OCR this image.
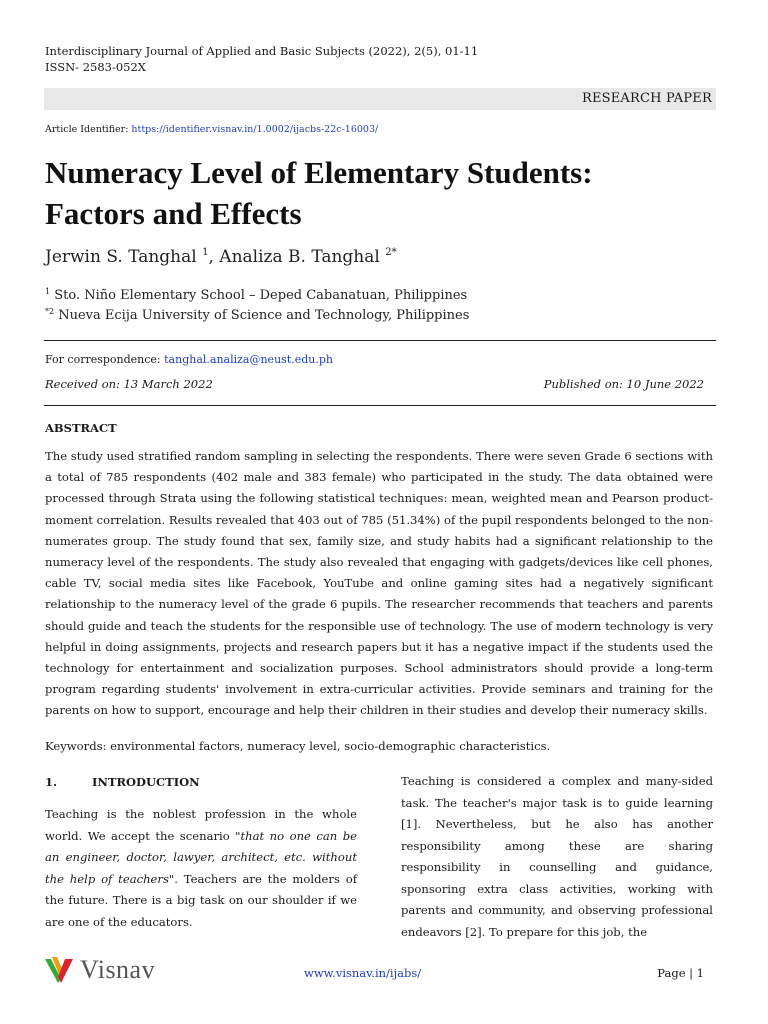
Interdisciplinary Journal of Applied and Basic Subjects (2022), 2(5), 01-11
ISSN- 2583-052X
RESEARCH PAPER
Article Identifier: https://identifier.visnav.in/1.0002/ijacbs-22c-16003/
Numeracy Level of Elementary Students:
Factors and Effects
Jerwin S. Tanghal $^1$, Analiza B. Tanghal $^{2*}$
$^1$ Sto. Niño Elementary School – Deped Cabanatuan, Philippines
$^{*2}$ Nueva Ecija University of Science and Technology, Philippines
For correspondence: tanghal.analiza@neust.edu.ph
Received on: 13 March 2022	Published on: 10 June 2022
ABSTRACT
The study used stratified random sampling in selecting the respondents. There were seven Grade 6 sections with a total of 785 respondents (402 male and 383 female) who participated in the study. The data obtained were processed through Strata using the following statistical techniques: mean, weighted mean and Pearson product-moment correlation. Results revealed that 403 out of 785 (51.34%) of the pupil respondents belonged to the non-numerates group. The study found that sex, family size, and study habits had a significant relationship to the numeracy level of the respondents. The study also revealed that engaging with gadgets/devices like cell phones, cable TV, social media sites like Facebook, YouTube and online gaming sites had a negatively significant relationship to the numeracy level of the grade 6 pupils. The researcher recommends that teachers and parents should guide and teach the students for the responsible use of technology. The use of modern technology is very helpful in doing assignments, projects and research papers but it has a negative impact if the students used the technology for entertainment and socialization purposes. School administrators should provide a long-term program regarding students' involvement in extra-curricular activities. Provide seminars and training for the parents on how to support, encourage and help their children in their studies and develop their numeracy skills.
Keywords: environmental factors, numeracy level, socio-demographic characteristics.
1.	INTRODUCTION
Teaching is the noblest profession in the whole world. We accept the scenario "that no one can be an engineer, doctor, lawyer, architect, etc. without the help of teachers". Teachers are the molders of the future. There is a big task on our shoulder if we are one of the educators.
Teaching is considered a complex and many-sided task. The teacher's major task is to guide learning [1]. Nevertheless, but he also has another responsibility among these are sharing responsibility in counselling and guidance, sponsoring extra class activities, working with parents and community, and observing professional endeavors [2]. To prepare for this job, the
Visnav	www.visnav.in/ijabs/	Page | 1
